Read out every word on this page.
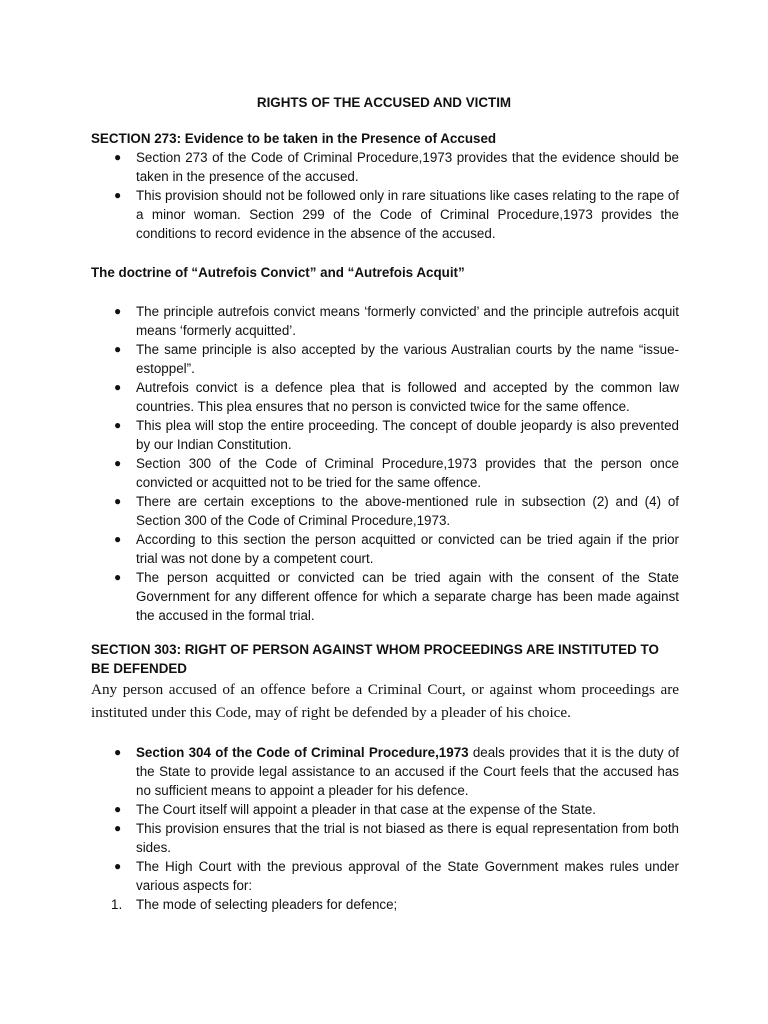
RIGHTS OF THE ACCUSED AND VICTIM

SECTION 273: Evidence to be taken in the Presence of Accused

● Section 273 of the Code of Criminal Procedure,1973 provides that the evidence should be taken in the presence of the accused.
● This provision should not be followed only in rare situations like cases relating to the rape of a minor woman. Section 299 of the Code of Criminal Procedure,1973 provides the conditions to record evidence in the absence of the accused.

The doctrine of “Autrefois Convict” and “Autrefois Acquit”

● The principle autrefois convict means ‘formerly convicted’ and the principle autrefois acquit means ‘formerly acquitted’.
● The same principle is also accepted by the various Australian courts by the name “issue-estoppel”.
● Autrefois convict is a defence plea that is followed and accepted by the common law countries. This plea ensures that no person is convicted twice for the same offence.
● This plea will stop the entire proceeding. The concept of double jeopardy is also prevented by our Indian Constitution.
● Section 300 of the Code of Criminal Procedure,1973 provides that the person once convicted or acquitted not to be tried for the same offence.
● There are certain exceptions to the above-mentioned rule in subsection (2) and (4) of Section 300 of the Code of Criminal Procedure,1973.
● According to this section the person acquitted or convicted can be tried again if the prior trial was not done by a competent court.
● The person acquitted or convicted can be tried again with the consent of the State Government for any different offence for which a separate charge has been made against the accused in the formal trial.

SECTION 303: RIGHT OF PERSON AGAINST WHOM PROCEEDINGS ARE INSTITUTED TO BE DEFENDED

Any person accused of an offence before a Criminal Court, or against whom proceedings are instituted under this Code, may of right be defended by a pleader of his choice.

● Section 304 of the Code of Criminal Procedure,1973 deals provides that it is the duty of the State to provide legal assistance to an accused if the Court feels that the accused has no sufficient means to appoint a pleader for his defence.
● The Court itself will appoint a pleader in that case at the expense of the State.
● This provision ensures that the trial is not biased as there is equal representation from both sides.
● The High Court with the previous approval of the State Government makes rules under various aspects for:
1. The mode of selecting pleaders for defence;
